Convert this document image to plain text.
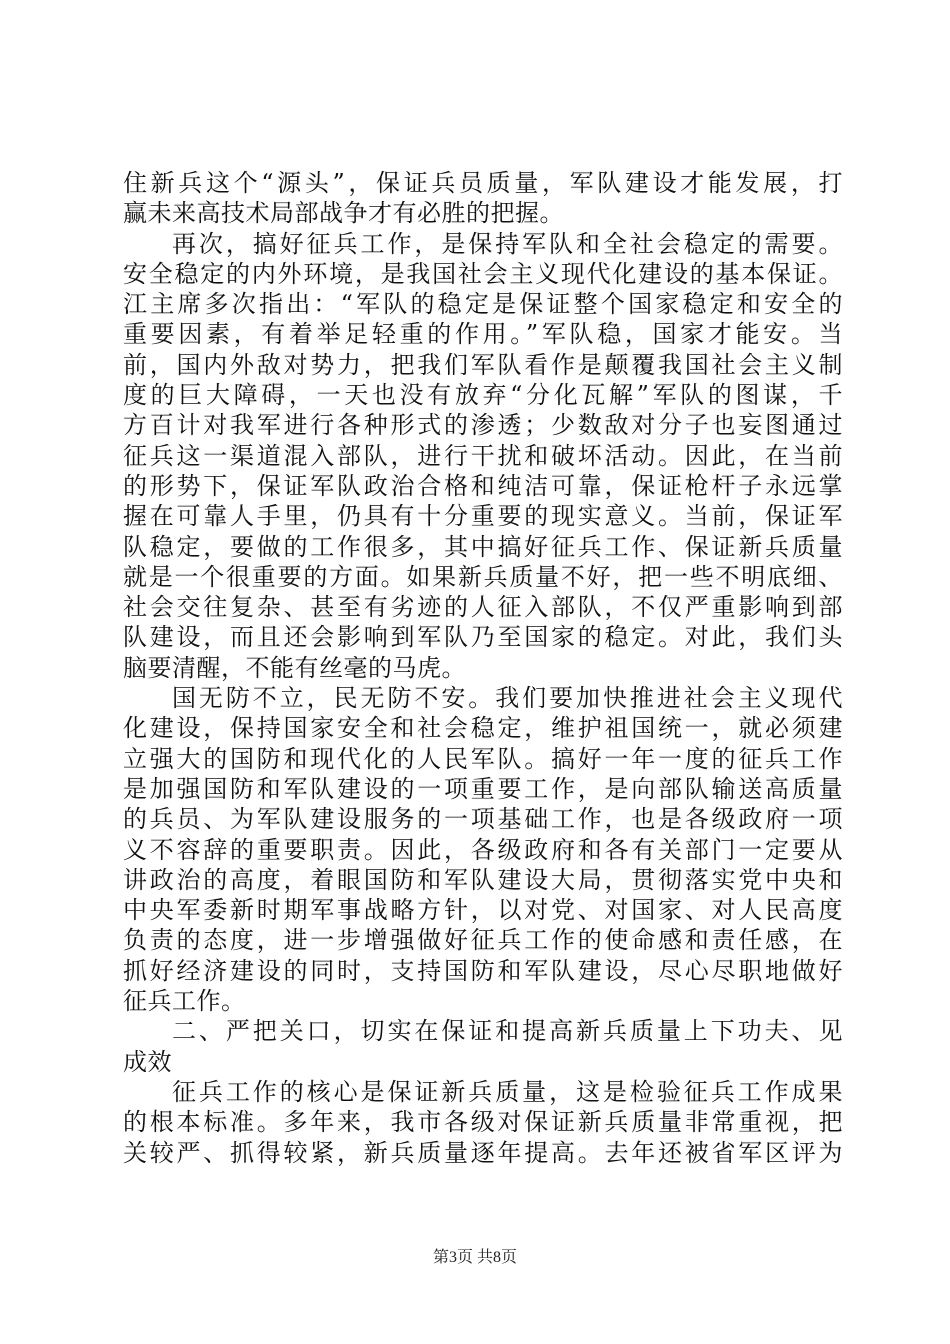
住新兵这个“源头”，保证兵员质量，军队建设才能发展，打
赢未来高技术局部战争才有必胜的把握。
再次，搞好征兵工作，是保持军队和全社会稳定的需要。
安全稳定的内外环境，是我国社会主义现代化建设的基本保证。
江主席多次指出：“军队的稳定是保证整个国家稳定和安全的
重要因素，有着举足轻重的作用。”军队稳，国家才能安。当
前，国内外敌对势力，把我们军队看作是颠覆我国社会主义制
度的巨大障碍，一天也没有放弃“分化瓦解”军队的图谋，千
方百计对我军进行各种形式的渗透；少数敌对分子也妄图通过
征兵这一渠道混入部队，进行干扰和破坏活动。因此，在当前
的形势下，保证军队政治合格和纯洁可靠，保证枪杆子永远掌
握在可靠人手里，仍具有十分重要的现实意义。当前，保证军
队稳定，要做的工作很多，其中搞好征兵工作、保证新兵质量
就是一个很重要的方面。如果新兵质量不好，把一些不明底细、
社会交往复杂、甚至有劣迹的人征入部队，不仅严重影响到部
队建设，而且还会影响到军队乃至国家的稳定。对此，我们头
脑要清醒，不能有丝毫的马虎。
国无防不立，民无防不安。我们要加快推进社会主义现代
化建设，保持国家安全和社会稳定，维护祖国统一，就必须建
立强大的国防和现代化的人民军队。搞好一年一度的征兵工作
是加强国防和军队建设的一项重要工作，是向部队输送高质量
的兵员、为军队建设服务的一项基础工作，也是各级政府一项
义不容辞的重要职责。因此，各级政府和各有关部门一定要从
讲政治的高度，着眼国防和军队建设大局，贯彻落实党中央和
中央军委新时期军事战略方针，以对党、对国家、对人民高度
负责的态度，进一步增强做好征兵工作的使命感和责任感，在
抓好经济建设的同时，支持国防和军队建设，尽心尽职地做好
征兵工作。
二、严把关口，切实在保证和提高新兵质量上下功夫、见
成效
征兵工作的核心是保证新兵质量，这是检验征兵工作成果
的根本标准。多年来，我市各级对保证新兵质量非常重视，把
关较严、抓得较紧，新兵质量逐年提高。去年还被省军区评为
第3页 共8页
